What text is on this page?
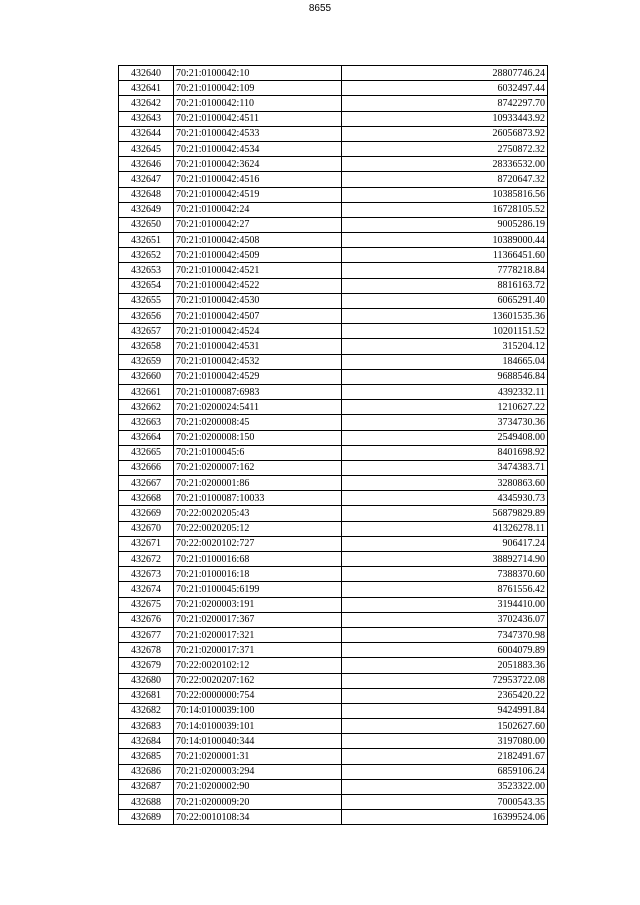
8655
432640	70:21:0100042:10	28807746.24
432641	70:21:0100042:109	6032497.44
432642	70:21:0100042:110	8742297.70
432643	70:21:0100042:4511	10933443.92
432644	70:21:0100042:4533	26056873.92
432645	70:21:0100042:4534	2750872.32
432646	70:21:0100042:3624	28336532.00
432647	70:21:0100042:4516	8720647.32
432648	70:21:0100042:4519	10385816.56
432649	70:21:0100042:24	16728105.52
432650	70:21:0100042:27	9005286.19
432651	70:21:0100042:4508	10389000.44
432652	70:21:0100042:4509	11366451.60
432653	70:21:0100042:4521	7778218.84
432654	70:21:0100042:4522	8816163.72
432655	70:21:0100042:4530	6065291.40
432656	70:21:0100042:4507	13601535.36
432657	70:21:0100042:4524	10201151.52
432658	70:21:0100042:4531	315204.12
432659	70:21:0100042:4532	184665.04
432660	70:21:0100042:4529	9688546.84
432661	70:21:0100087:6983	4392332.11
432662	70:21:0200024:5411	1210627.22
432663	70:21:0200008:45	3734730.36
432664	70:21:0200008:150	2549408.00
432665	70:21:0100045:6	8401698.92
432666	70:21:0200007:162	3474383.71
432667	70:21:0200001:86	3280863.60
432668	70:21:0100087:10033	4345930.73
432669	70:22:0020205:43	56879829.89
432670	70:22:0020205:12	41326278.11
432671	70:22:0020102:727	906417.24
432672	70:21:0100016:68	38892714.90
432673	70:21:0100016:18	7388370.60
432674	70:21:0100045:6199	8761556.42
432675	70:21:0200003:191	3194410.00
432676	70:21:0200017:367	3702436.07
432677	70:21:0200017:321	7347370.98
432678	70:21:0200017:371	6004079.89
432679	70:22:0020102:12	2051883.36
432680	70:22:0020207:162	72953722.08
432681	70:22:0000000:754	2365420.22
432682	70:14:0100039:100	9424991.84
432683	70:14:0100039:101	1502627.60
432684	70:14:0100040:344	3197080.00
432685	70:21:0200001:31	2182491.67
432686	70:21:0200003:294	6859106.24
432687	70:21:0200002:90	3523322.00
432688	70:21:0200009:20	7000543.35
432689	70:22:0010108:34	16399524.06
